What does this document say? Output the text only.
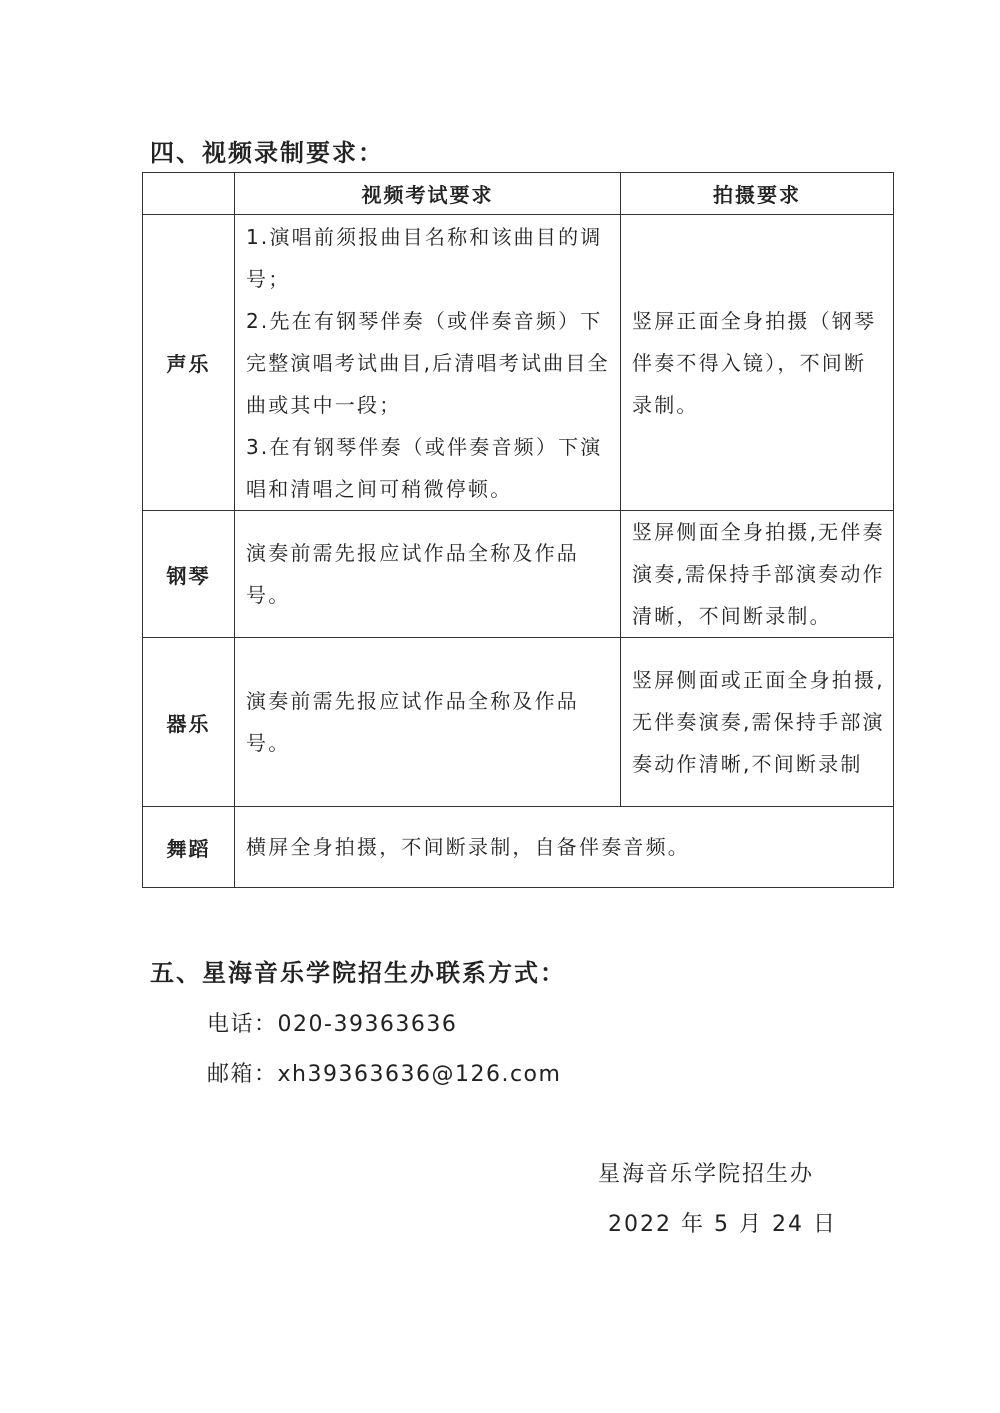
四、视频录制要求：
	视频考试要求	拍摄要求
声乐	1.演唱前须报曲目名称和该曲目的调号；

2.先在有钢琴伴奏（或伴奏音频）下完整演唱考试曲目,后清唱考试曲目全曲或其中一段；

3.在有钢琴伴奏（或伴奏音频）下演唱和清唱之间可稍微停顿。	竖屏正面全身拍摄（钢琴伴奏不得入镜），不间断录制。
钢琴	演奏前需先报应试作品全称及作品号。	竖屏侧面全身拍摄,无伴奏演奏,需保持手部演奏动作清晰，不间断录制。
器乐	演奏前需先报应试作品全称及作品号。	竖屏侧面或正面全身拍摄,无伴奏演奏,需保持手部演奏动作清晰,不间断录制
舞蹈	横屏全身拍摄，不间断录制，自备伴奏音频。	
五、星海音乐学院招生办联系方式：
电话：020-39363636
邮箱：xh39363636@126.com
星海音乐学院招生办
2022 年 5 月 24 日
